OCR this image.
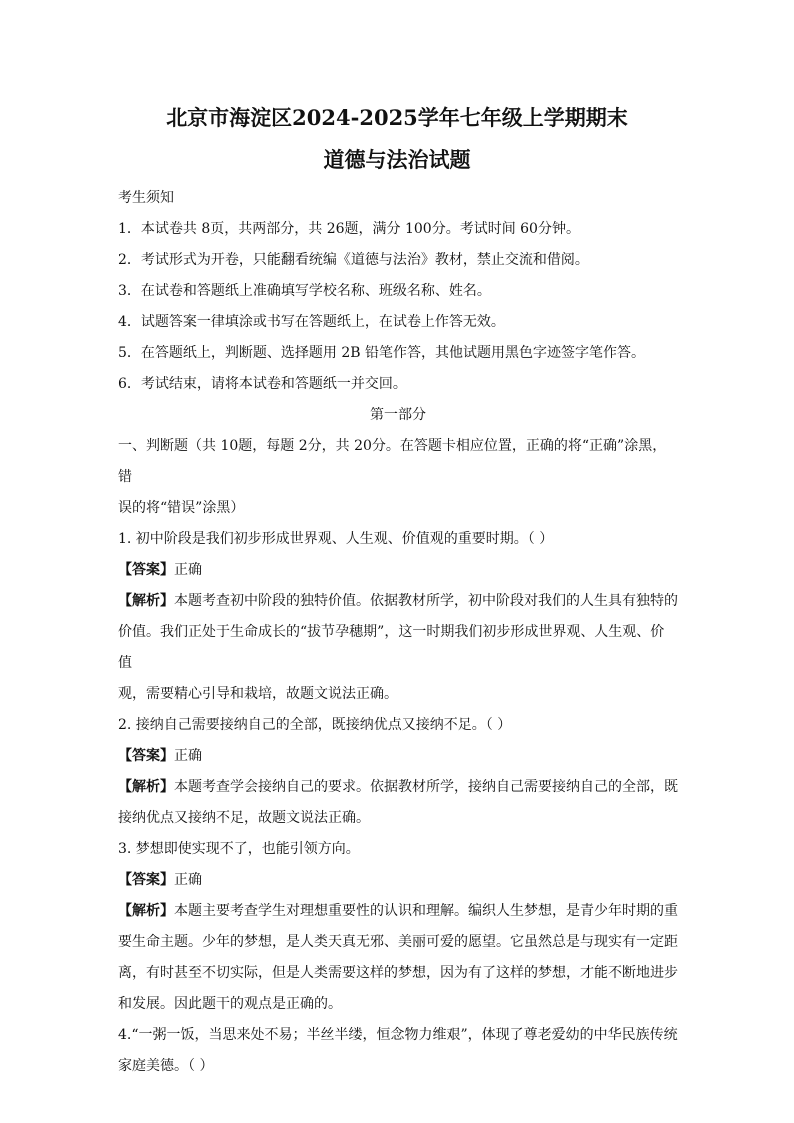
北京市海淀区2024-2025学年七年级上学期期末
道德与法治试题

考生须知

1．本试卷共 8页，共两部分，共 26题，满分 100分。考试时间 60分钟。

2．考试形式为开卷，只能翻看统编《道德与法治》教材，禁止交流和借阅。

3．在试卷和答题纸上准确填写学校名称、班级名称、姓名。

4．试题答案一律填涂或书写在答题纸上，在试卷上作答无效。

5．在答题纸上，判断题、选择题用 2B 铅笔作答，其他试题用黑色字迹签字笔作答。

6．考试结束，请将本试卷和答题纸一并交回。

第一部分

一、判断题（共 10题，每题 2分，共 20分。在答题卡相应位置，正确的将“正确”涂黑，错

误的将“错误”涂黑）

1. 初中阶段是我们初步形成世界观、人生观、价值观的重要时期。（ ）

【答案】正确

【解析】本题考查初中阶段的独特价值。依据教材所学，初中阶段对我们的人生具有独特的

价值。我们正处于生命成长的“拔节孕穗期”，这一时期我们初步形成世界观、人生观、价值

观，需要精心引导和栽培，故题文说法正确。

2. 接纳自己需要接纳自己的全部，既接纳优点又接纳不足。（ ）

【答案】正确

【解析】本题考查学会接纳自己的要求。依据教材所学，接纳自己需要接纳自己的全部，既

接纳优点又接纳不足，故题文说法正确。

3. 梦想即使实现不了，也能引领方向。

【答案】正确

【解析】本题主要考查学生对理想重要性的认识和理解。编织人生梦想，是青少年时期的重

要生命主题。少年的梦想，是人类天真无邪、美丽可爱的愿望。它虽然总是与现实有一定距

离，有时甚至不切实际，但是人类需要这样的梦想，因为有了这样的梦想，才能不断地进步

和发展。因此题干的观点是正确的。

4.“一粥一饭，当思来处不易；半丝半缕，恒念物力维艰”，体现了尊老爱幼的中华民族传统

家庭美德。（ ）
